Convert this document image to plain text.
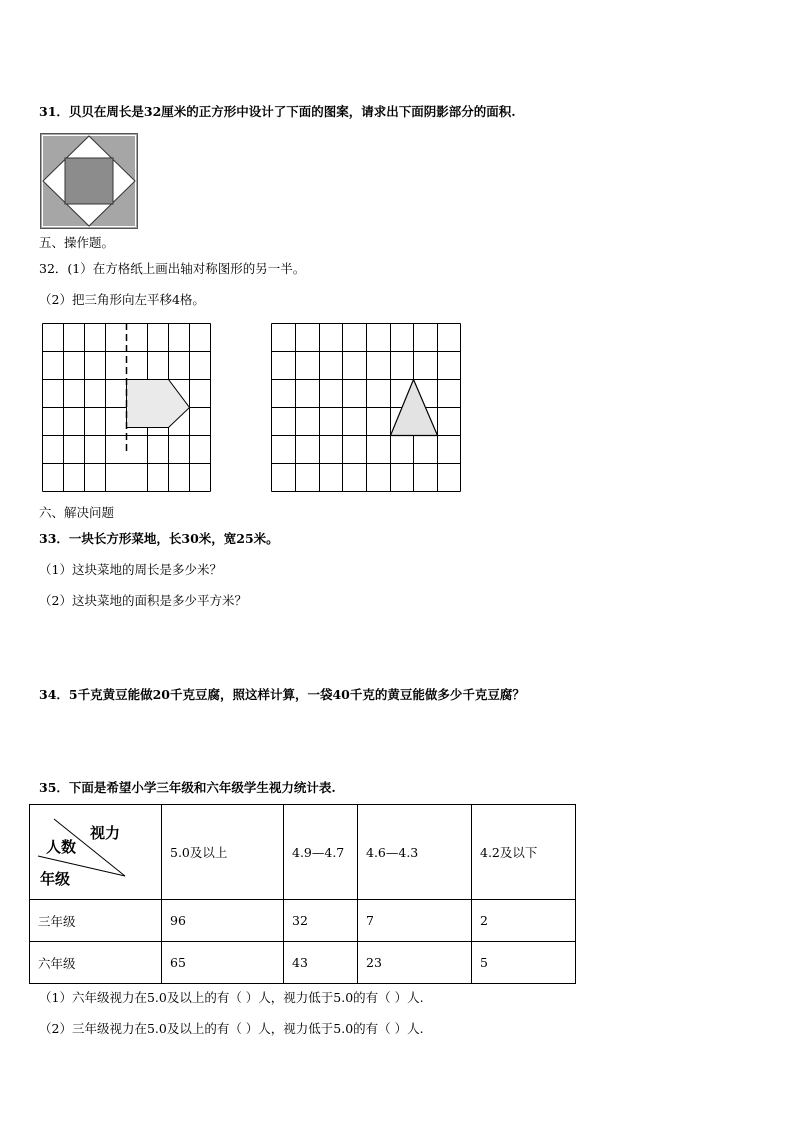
31．贝贝在周长是32厘米的正方形中设计了下面的图案，请求出下面阴影部分的面积.
五、操作题。
32．(1）在方格纸上画出轴对称图形的另一半。
（2）把三角形向左平移4格。
六、解决问题
33．一块长方形菜地，长30米，宽25米。
（1）这块菜地的周长是多少米？
（2）这块菜地的面积是多少平方米？
34．5千克黄豆能做20千克豆腐，照这样计算，一袋40千克的黄豆能做多少千克豆腐？
35．下面是希望小学三年级和六年级学生视力统计表.
视力
人数
年级	5.0及以上	4.9—4.7	4.6—4.3	4.2及以下
三年级	96	32	7	2
六年级	65	43	23	5
（1）六年级视力在5.0及以上的有（ ）人，视力低于5.0的有（ ）人.
（2）三年级视力在5.0及以上的有（ ）人，视力低于5.0的有（ ）人.
